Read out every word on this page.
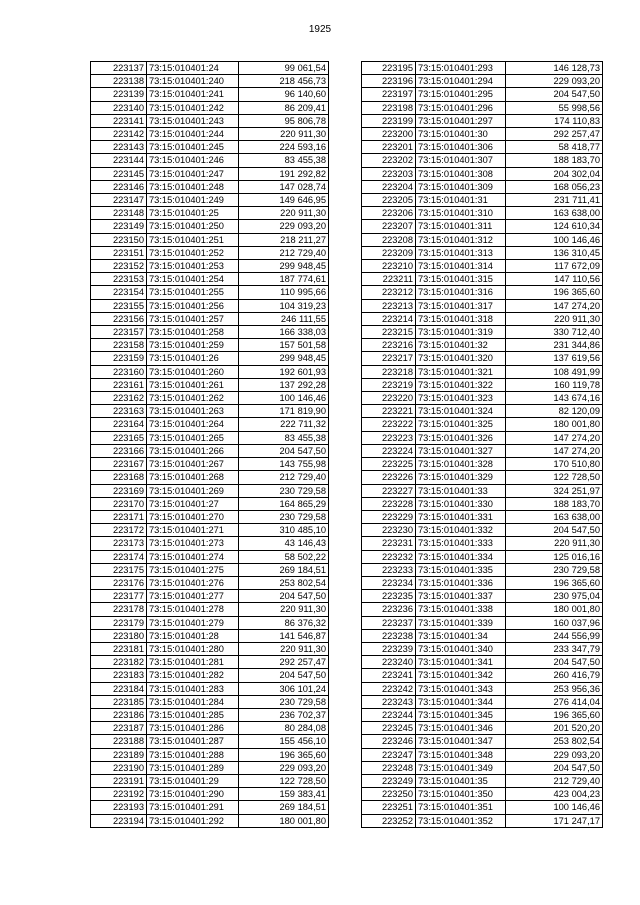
1925
223137	73:15:010401:24	99 061,54
223138	73:15:010401:240	218 456,73
223139	73:15:010401:241	96 140,60
223140	73:15:010401:242	86 209,41
223141	73:15:010401:243	95 806,78
223142	73:15:010401:244	220 911,30
223143	73:15:010401:245	224 593,16
223144	73:15:010401:246	83 455,38
223145	73:15:010401:247	191 292,82
223146	73:15:010401:248	147 028,74
223147	73:15:010401:249	149 646,95
223148	73:15:010401:25	220 911,30
223149	73:15:010401:250	229 093,20
223150	73:15:010401:251	218 211,27
223151	73:15:010401:252	212 729,40
223152	73:15:010401:253	299 948,45
223153	73:15:010401:254	187 774,61
223154	73:15:010401:255	110 995,66
223155	73:15:010401:256	104 319,23
223156	73:15:010401:257	246 111,55
223157	73:15:010401:258	166 338,03
223158	73:15:010401:259	157 501,58
223159	73:15:010401:26	299 948,45
223160	73:15:010401:260	192 601,93
223161	73:15:010401:261	137 292,28
223162	73:15:010401:262	100 146,46
223163	73:15:010401:263	171 819,90
223164	73:15:010401:264	222 711,32
223165	73:15:010401:265	83 455,38
223166	73:15:010401:266	204 547,50
223167	73:15:010401:267	143 755,98
223168	73:15:010401:268	212 729,40
223169	73:15:010401:269	230 729,58
223170	73:15:010401:27	164 865,29
223171	73:15:010401:270	230 729,58
223172	73:15:010401:271	310 485,10
223173	73:15:010401:273	43 146,43
223174	73:15:010401:274	58 502,22
223175	73:15:010401:275	269 184,51
223176	73:15:010401:276	253 802,54
223177	73:15:010401:277	204 547,50
223178	73:15:010401:278	220 911,30
223179	73:15:010401:279	86 376,32
223180	73:15:010401:28	141 546,87
223181	73:15:010401:280	220 911,30
223182	73:15:010401:281	292 257,47
223183	73:15:010401:282	204 547,50
223184	73:15:010401:283	306 101,24
223185	73:15:010401:284	230 729,58
223186	73:15:010401:285	236 702,37
223187	73:15:010401:286	80 284,08
223188	73:15:010401:287	155 456,10
223189	73:15:010401:288	196 365,60
223190	73:15:010401:289	229 093,20
223191	73:15:010401:29	122 728,50
223192	73:15:010401:290	159 383,41
223193	73:15:010401:291	269 184,51
223194	73:15:010401:292	180 001,80
223195	73:15:010401:293	146 128,73
223196	73:15:010401:294	229 093,20
223197	73:15:010401:295	204 547,50
223198	73:15:010401:296	55 998,56
223199	73:15:010401:297	174 110,83
223200	73:15:010401:30	292 257,47
223201	73:15:010401:306	58 418,77
223202	73:15:010401:307	188 183,70
223203	73:15:010401:308	204 302,04
223204	73:15:010401:309	168 056,23
223205	73:15:010401:31	231 711,41
223206	73:15:010401:310	163 638,00
223207	73:15:010401:311	124 610,34
223208	73:15:010401:312	100 146,46
223209	73:15:010401:313	136 310,45
223210	73:15:010401:314	117 672,09
223211	73:15:010401:315	147 110,56
223212	73:15:010401:316	196 365,60
223213	73:15:010401:317	147 274,20
223214	73:15:010401:318	220 911,30
223215	73:15:010401:319	330 712,40
223216	73:15:010401:32	231 344,86
223217	73:15:010401:320	137 619,56
223218	73:15:010401:321	108 491,99
223219	73:15:010401:322	160 119,78
223220	73:15:010401:323	143 674,16
223221	73:15:010401:324	82 120,09
223222	73:15:010401:325	180 001,80
223223	73:15:010401:326	147 274,20
223224	73:15:010401:327	147 274,20
223225	73:15:010401:328	170 510,80
223226	73:15:010401:329	122 728,50
223227	73:15:010401:33	324 251,97
223228	73:15:010401:330	188 183,70
223229	73:15:010401:331	163 638,00
223230	73:15:010401:332	204 547,50
223231	73:15:010401:333	220 911,30
223232	73:15:010401:334	125 016,16
223233	73:15:010401:335	230 729,58
223234	73:15:010401:336	196 365,60
223235	73:15:010401:337	230 975,04
223236	73:15:010401:338	180 001,80
223237	73:15:010401:339	160 037,96
223238	73:15:010401:34	244 556,99
223239	73:15:010401:340	233 347,79
223240	73:15:010401:341	204 547,50
223241	73:15:010401:342	260 416,79
223242	73:15:010401:343	253 956,36
223243	73:15:010401:344	276 414,04
223244	73:15:010401:345	196 365,60
223245	73:15:010401:346	201 520,20
223246	73:15:010401:347	253 802,54
223247	73:15:010401:348	229 093,20
223248	73:15:010401:349	204 547,50
223249	73:15:010401:35	212 729,40
223250	73:15:010401:350	423 004,23
223251	73:15:010401:351	100 146,46
223252	73:15:010401:352	171 247,17
